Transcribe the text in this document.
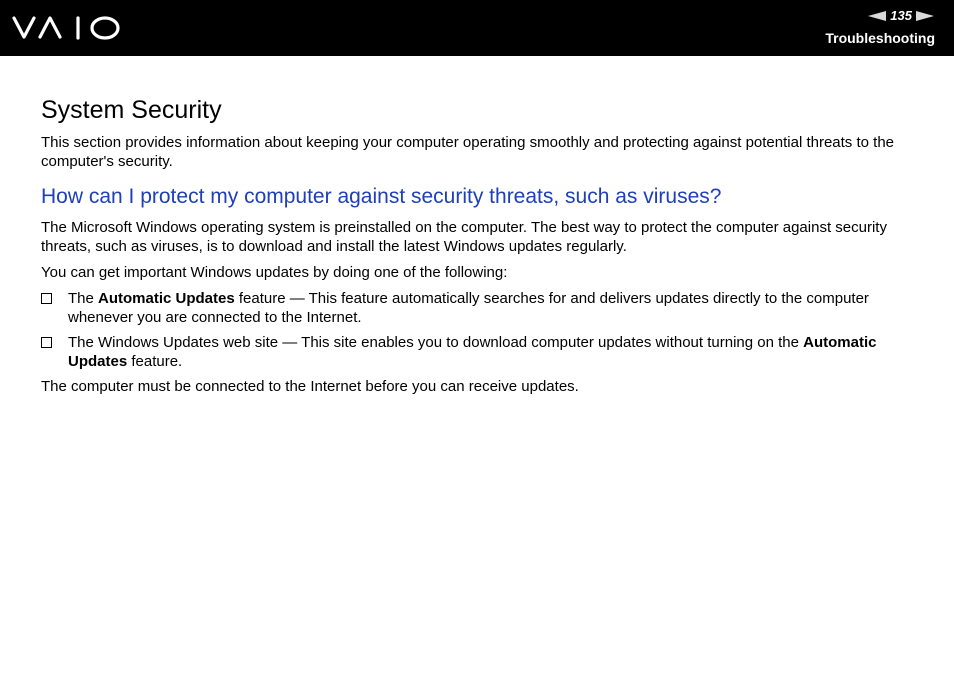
135
Troubleshooting
System Security

This section provides information about keeping your computer operating smoothly and protecting against potential threats to the computer's security.

How can I protect my computer against security threats, such as viruses?

The Microsoft Windows operating system is preinstalled on the computer. The best way to protect the computer against security threats, such as viruses, is to download and install the latest Windows updates regularly.

You can get important Windows updates by doing one of the following:

The Automatic Updates feature — This feature automatically searches for and delivers updates directly to the computer whenever you are connected to the Internet.
The Windows Updates web site — This site enables you to download computer updates without turning on the Automatic Updates feature.

The computer must be connected to the Internet before you can receive updates.
